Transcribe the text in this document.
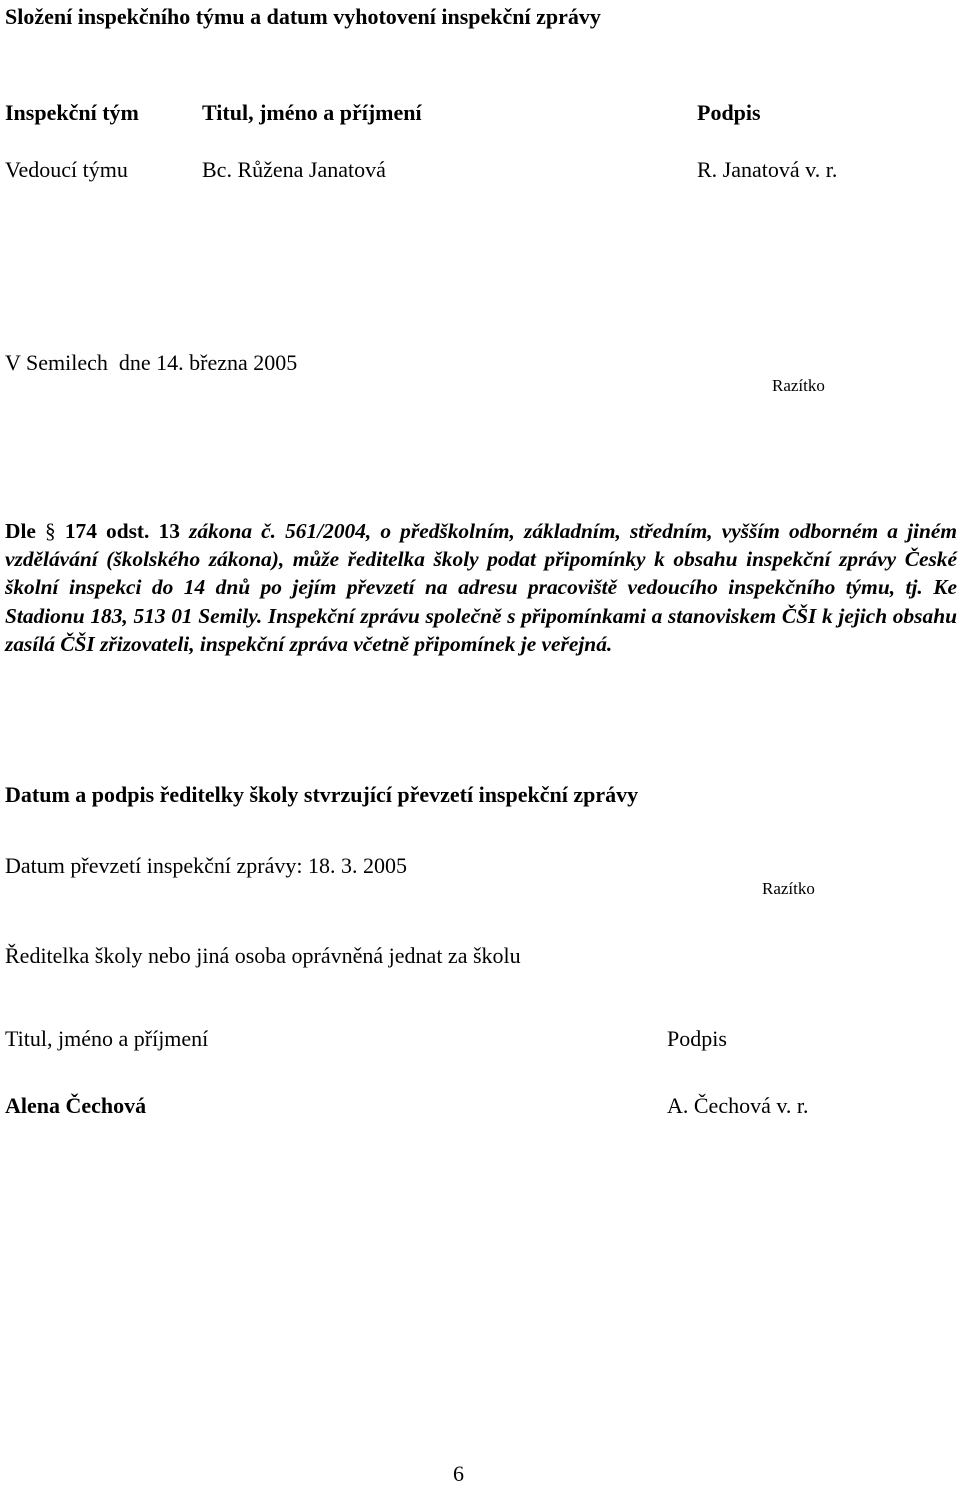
Složení inspekčního týmu a datum vyhotovení inspekční zprávy
Inspekční tým	Titul, jméno a příjmení	Podpis
Vedoucí týmu	Bc. Růžena Janatová	R. Janatová v. r.
V Semilech  dne 14. března 2005
Razítko
Dle § 174 odst. 13 zákona č. 561/2004, o předškolním, základním, středním, vyšším odborném a jiném vzdělávání (školského zákona), může ředitelka školy podat připomínky k obsahu inspekční zprávy České školní inspekci do 14 dnů po jejím převzetí na adresu pracoviště vedoucího inspekčního týmu, tj. Ke Stadionu 183, 513 01 Semily. Inspekční zprávu společně s připomínkami a stanoviskem ČŠI k jejich obsahu zasílá ČŠI zřizovateli, inspekční zpráva včetně připomínek je veřejná.
Datum a podpis ředitelky školy stvrzující převzetí inspekční zprávy
Datum převzetí inspekční zprávy: 18. 3. 2005
Razítko
Ředitelka školy nebo jiná osoba oprávněná jednat za školu
Titul, jméno a příjmení	Podpis
Alena Čechová	A. Čechová v. r.
6
